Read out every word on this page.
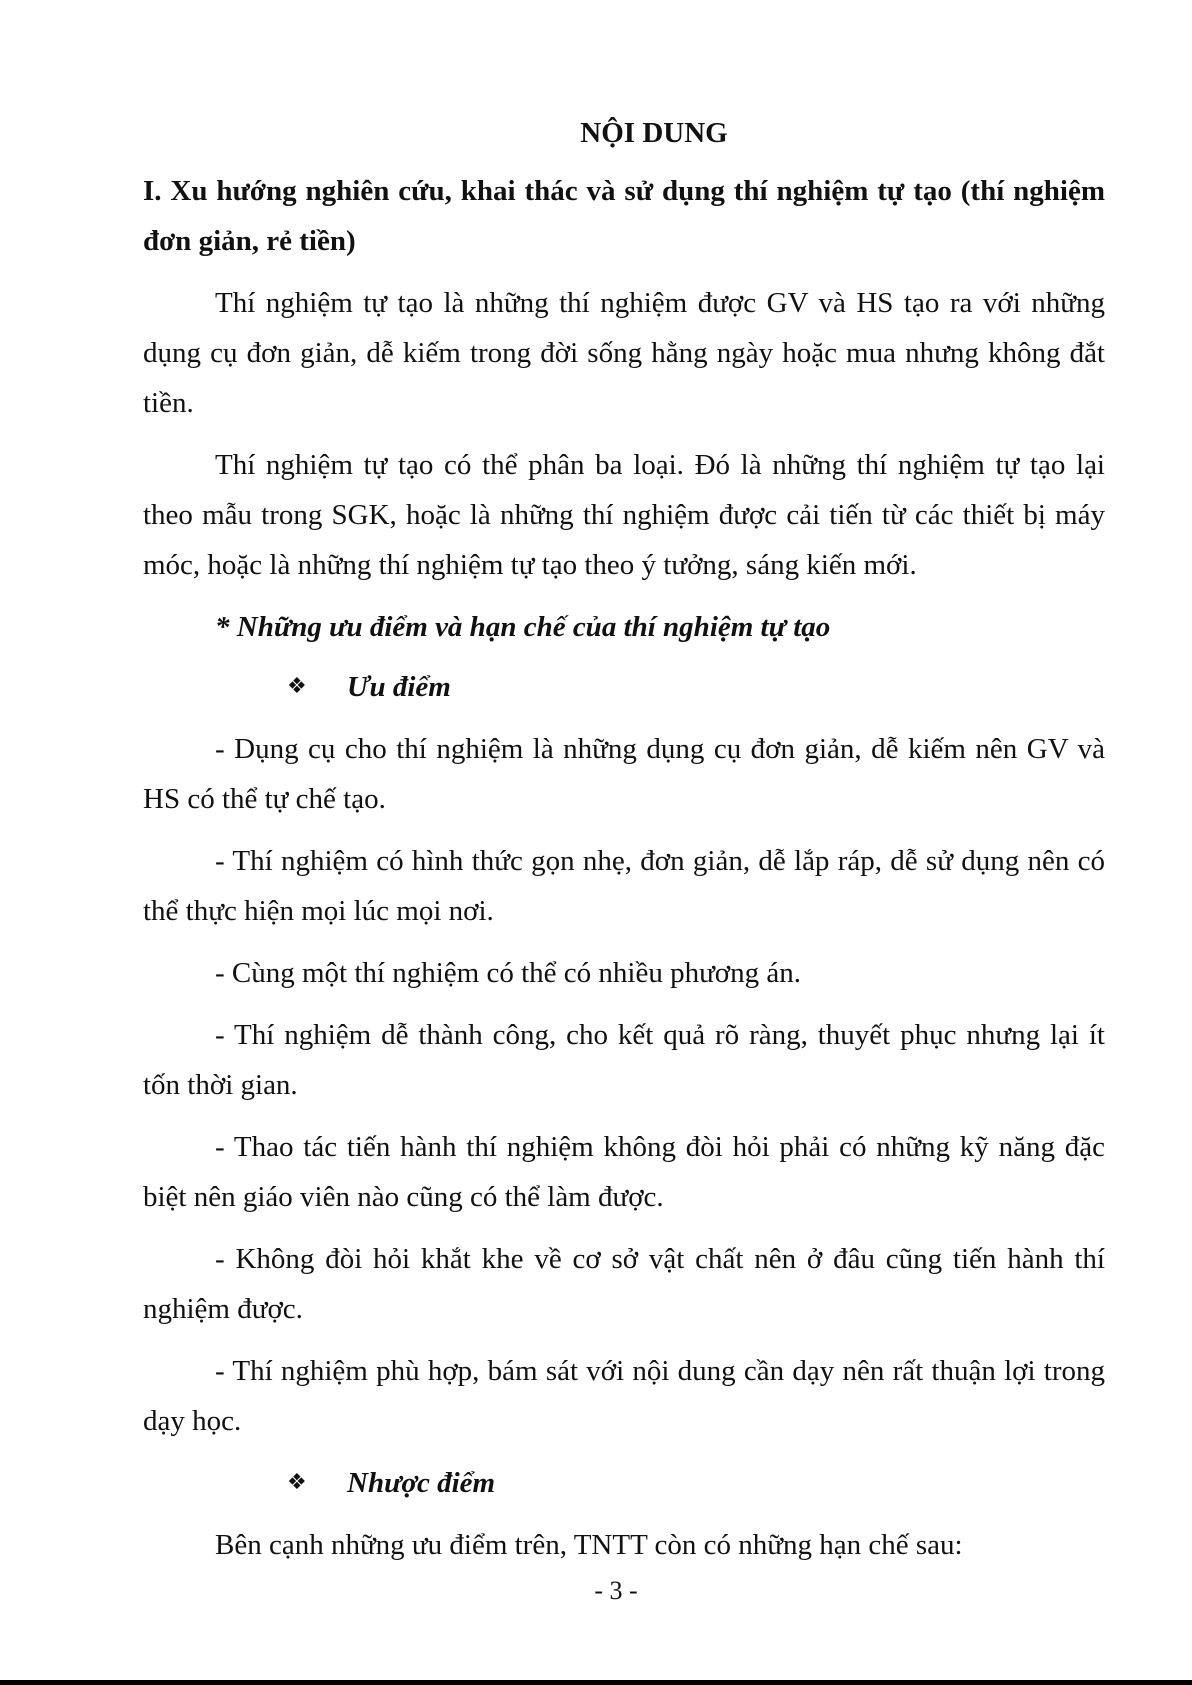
NỘI DUNG
I. Xu hướng nghiên cứu, khai thác và sử dụng thí nghiệm tự tạo (thí nghiệm đơn giản, rẻ tiền)
Thí nghiệm tự tạo là những thí nghiệm được GV và HS tạo ra với những dụng cụ đơn giản, dễ kiếm trong đời sống hằng ngày hoặc mua nhưng không đắt tiền.
Thí nghiệm tự tạo có thể phân ba loại. Đó là những thí nghiệm tự tạo lại theo mẫu trong SGK, hoặc là những thí nghiệm được cải tiến từ các thiết bị máy móc, hoặc là những thí nghiệm tự tạo theo ý tưởng, sáng kiến mới.
* Những ưu điểm và hạn chế của thí nghiệm tự tạo
❖	Ưu điểm
- Dụng cụ cho thí nghiệm là những dụng cụ đơn giản, dễ kiếm nên GV và HS có thể tự chế tạo.
- Thí nghiệm có hình thức gọn nhẹ, đơn giản, dễ lắp ráp, dễ sử dụng nên có thể thực hiện mọi lúc mọi nơi.
- Cùng một thí nghiệm có thể có nhiều phương án.
- Thí nghiệm dễ thành công, cho kết quả rõ ràng, thuyết phục nhưng lại ít tốn thời gian.
- Thao tác tiến hành thí nghiệm không đòi hỏi phải có những kỹ năng đặc biệt nên giáo viên nào cũng có thể làm được.
- Không đòi hỏi khắt khe về cơ sở vật chất nên ở đâu cũng tiến hành thí nghiệm được.
- Thí nghiệm phù hợp, bám sát với nội dung cần dạy nên rất thuận lợi trong dạy học.
❖	Nhược điểm
Bên cạnh những ưu điểm trên, TNTT còn có những hạn chế sau:
- 3 -
